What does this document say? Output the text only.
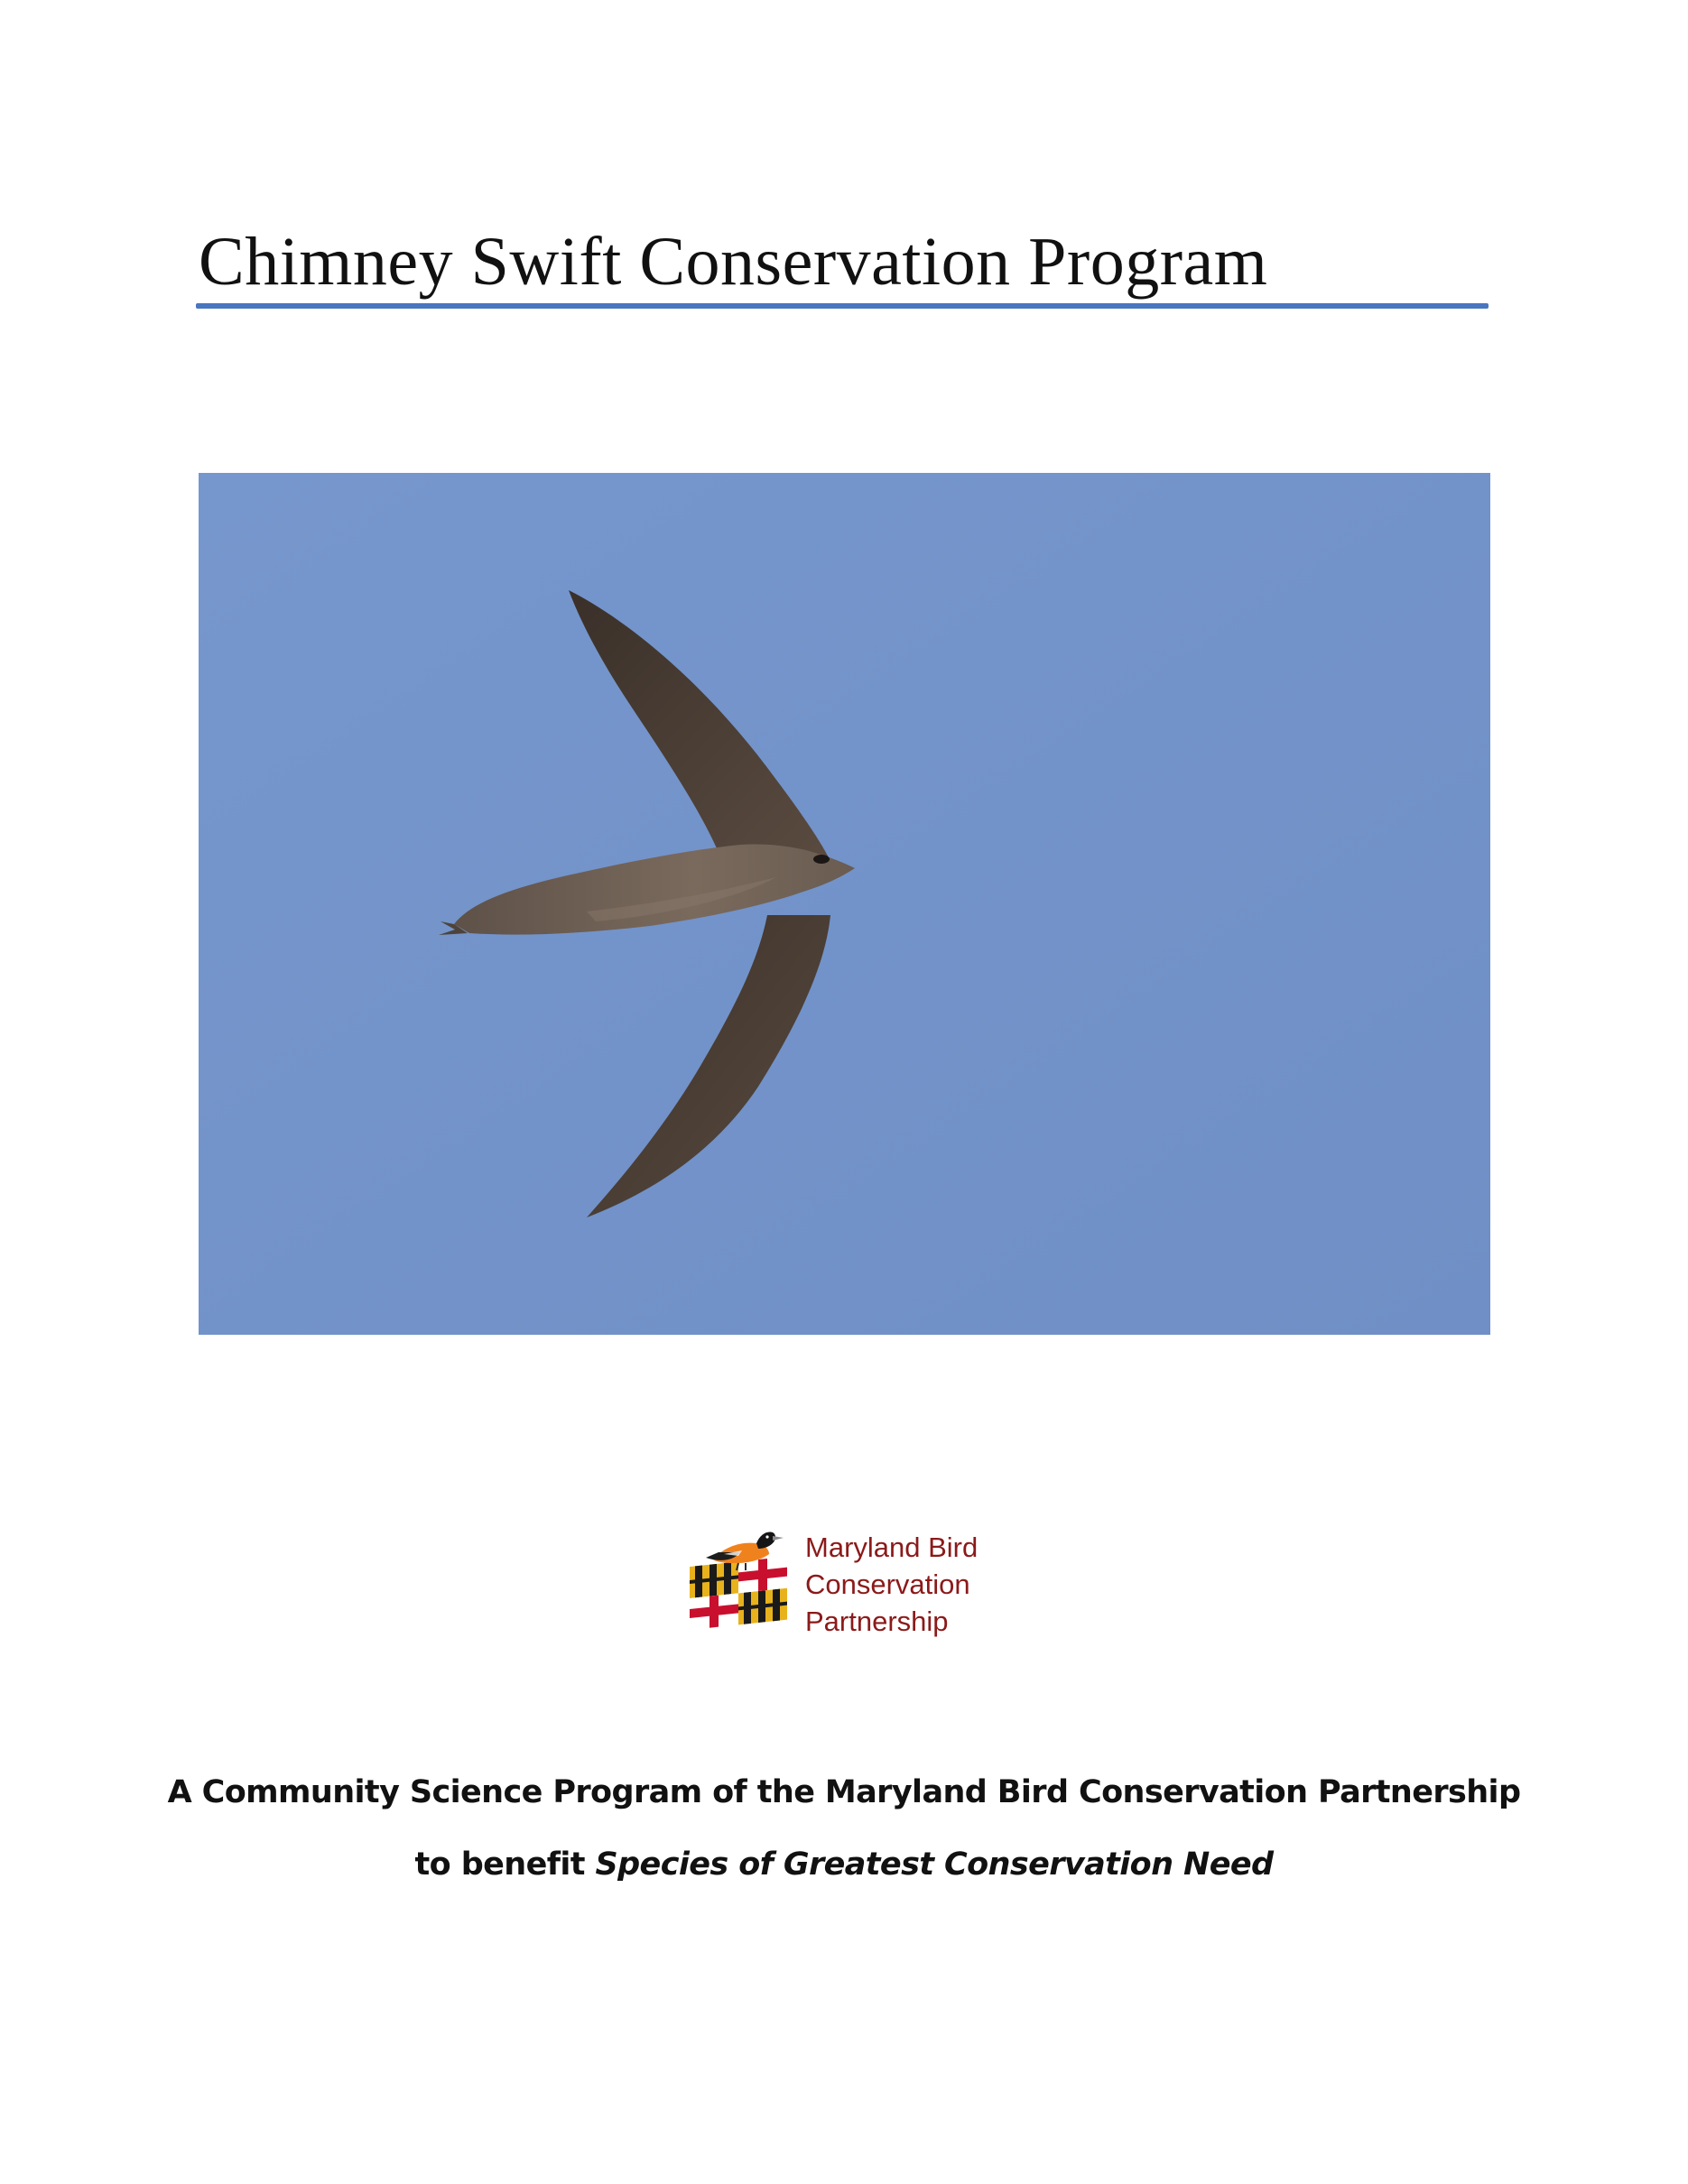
Chimney Swift Conservation Program
Maryland Bird
Conservation
Partnership
A Community Science Program of the Maryland Bird Conservation Partnership
to benefit Species of Greatest Conservation Need
